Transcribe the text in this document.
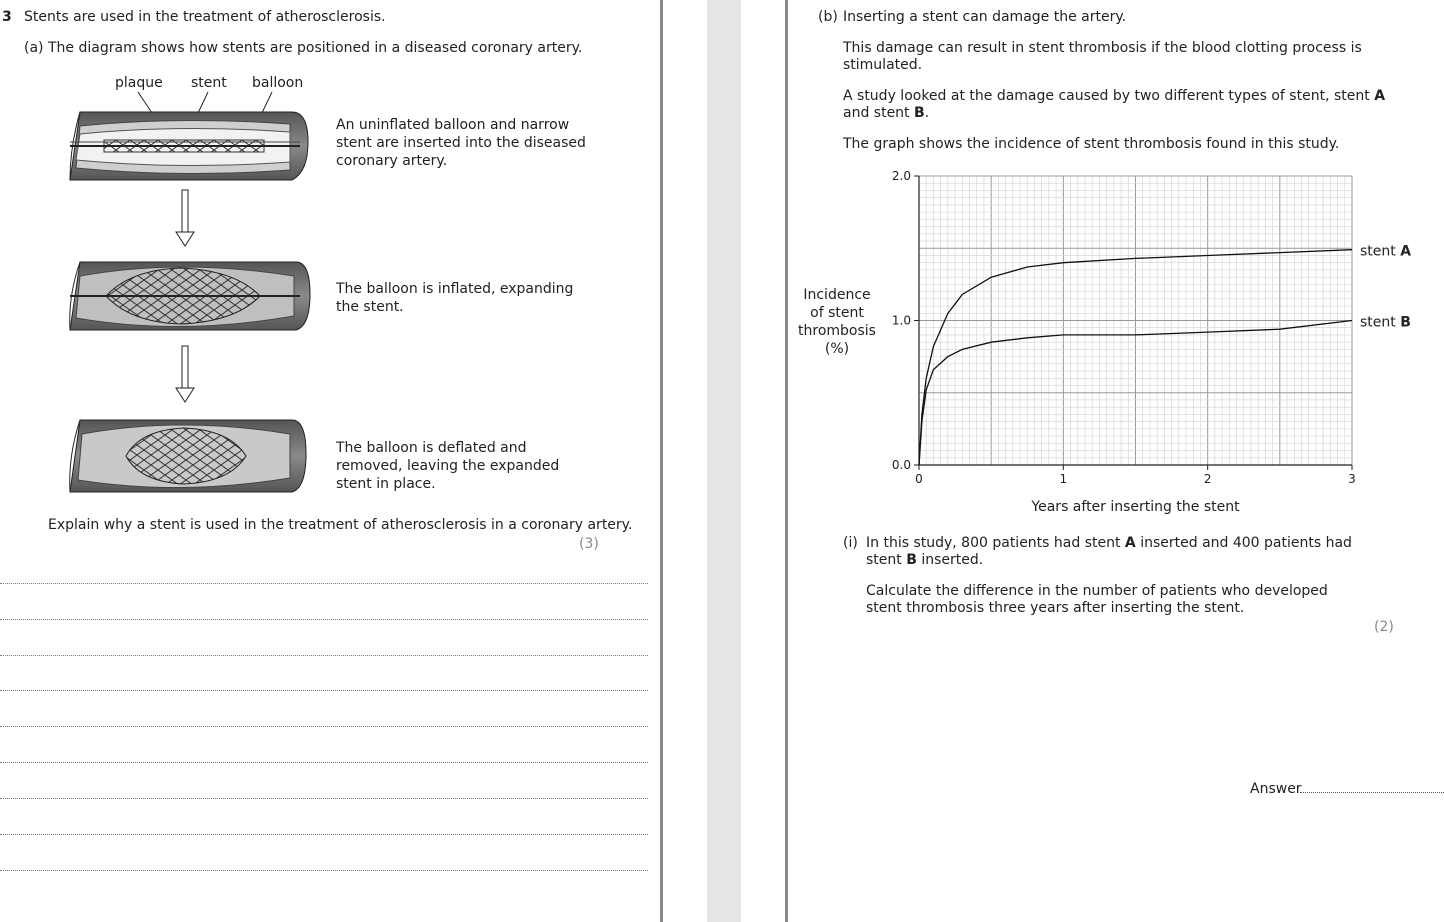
3 Stents are used in the treatment of atherosclerosis.
(a) The diagram shows how stents are positioned in a diseased coronary artery.
plaque stent balloon
An uninflated balloon and narrow stent are inserted into the diseased coronary artery.
The balloon is inflated, expanding the stent.
The balloon is deflated and removed, leaving the expanded stent in place.
Explain why a stent is used in the treatment of atherosclerosis in a coronary artery.
(3)
(b) Inserting a stent can damage the artery.
This damage can result in stent thrombosis if the blood clotting process is stimulated.
A study looked at the damage caused by two different types of stent, stent A and stent B.
The graph shows the incidence of stent thrombosis found in this study.
0.0
1.0
2.0
0	1	2	3
Years after inserting the stent
Incidence
of stent
thrombosis
(%)
stent A
stent B
(i) In this study, 800 patients had stent A inserted and 400 patients had stent B inserted.
Calculate the difference in the number of patients who developed stent thrombosis three years after inserting the stent.
(2)
Answer
